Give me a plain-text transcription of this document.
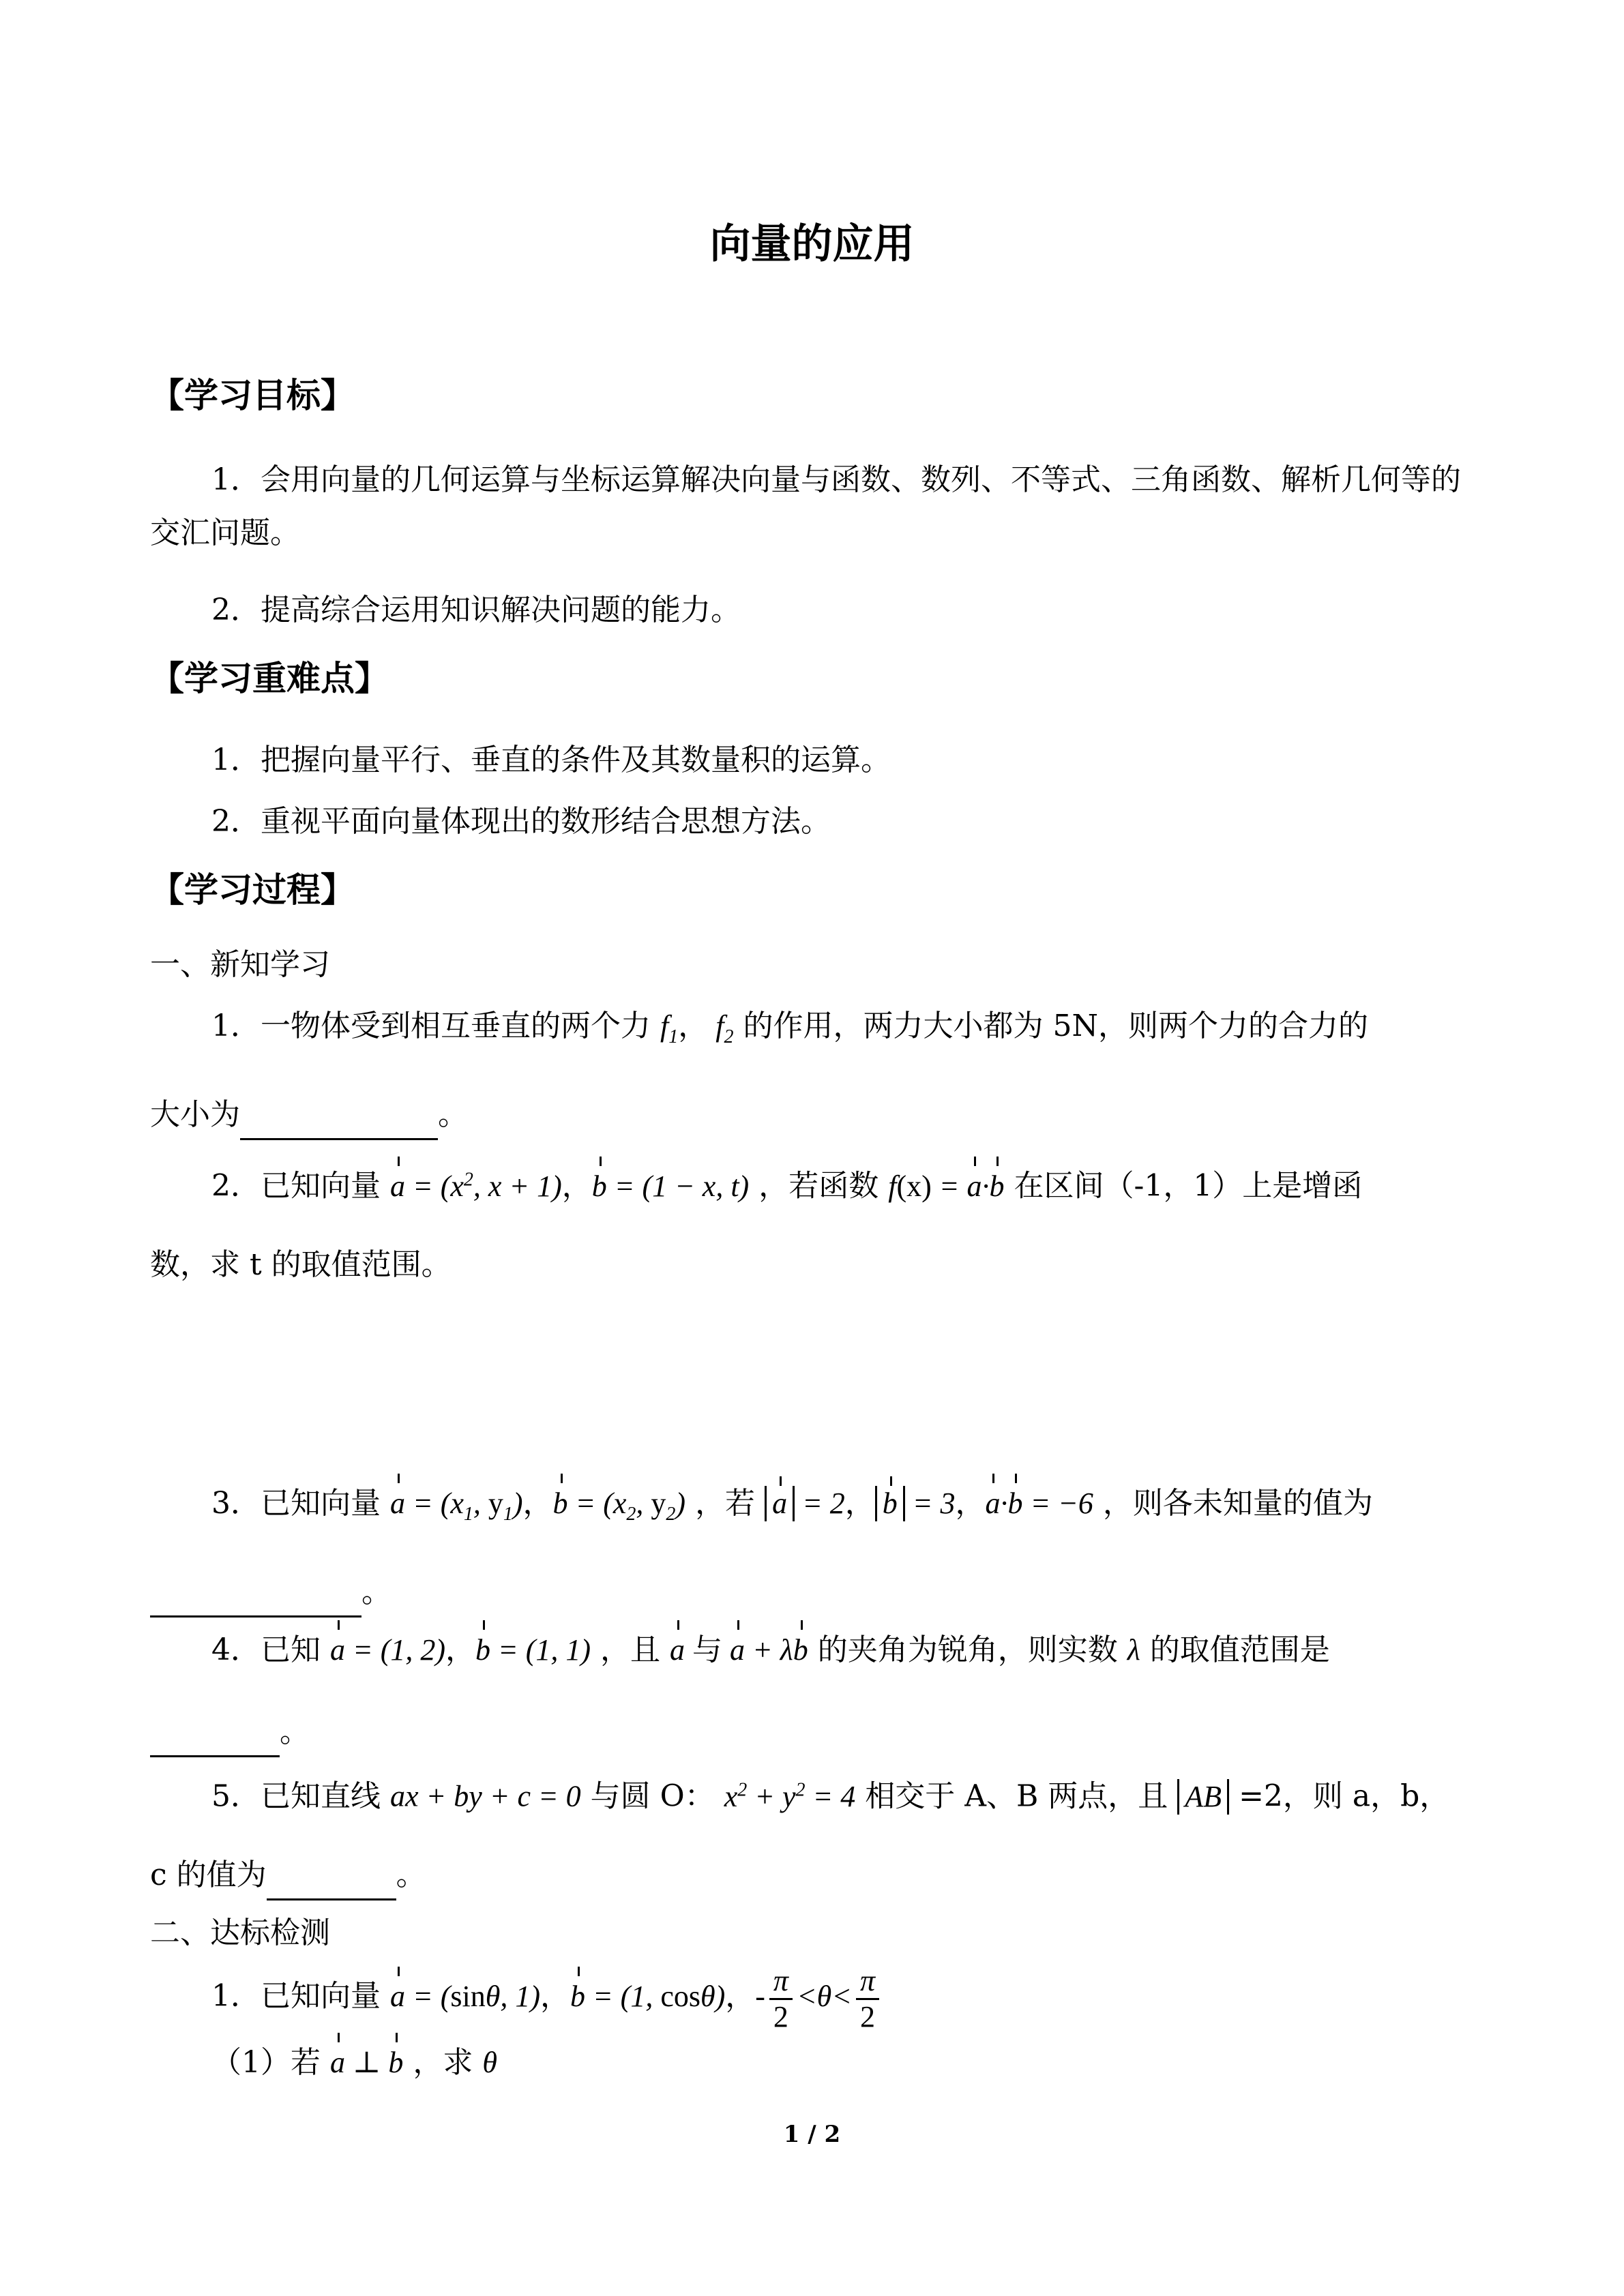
向量的应用
【学习目标】
1．会用向量的几何运算与坐标运算解决向量与函数、数列、不等式、三角函数、解析几何等的交汇问题。
2．提高综合运用知识解决问题的能力。
【学习重难点】
1．把握向量平行、垂直的条件及其数量积的运算。
2．重视平面向量体现出的数形结合思想方法。
【学习过程】
一、新知学习
1．一物体受到相互垂直的两个力 $f_1$， $f_2$ 的作用，两力大小都为 5N，则两个力的合力的
大小为	。
2．已知向量 $a = (x^2$, x + 1)，b = (1 − x, t) ，若函数 f(x) = a·b 在区间（-1，1）上是增函
数，求 t 的取值范围。
3．已知向量 $a = (x_1$, $y_1$)，$b = (x_2$, $y_2$) ，若 a = 2， b = 3，a·b = −6 ，则各未知量的值为
。
4．已知 a = (1, 2)，b = (1, 1) ，且 a 与 a + λb 的夹角为锐角，则实数 λ 的取值范围是
。
5．已知直线 ax + by + c = 0 与圆 O： $x^2 + y^2 = 4$ 相交于 A、B 两点，且 AB =2，则 a，b，
c 的值为	。
二、达标检测
1．已知向量 a = (sinθ, 1)，b = (1, cosθ)，- $\frac{\pi}{2} <\theta< \frac{\pi}{2}$
（1）若 a ⊥ b ，求 θ
1 / 2
